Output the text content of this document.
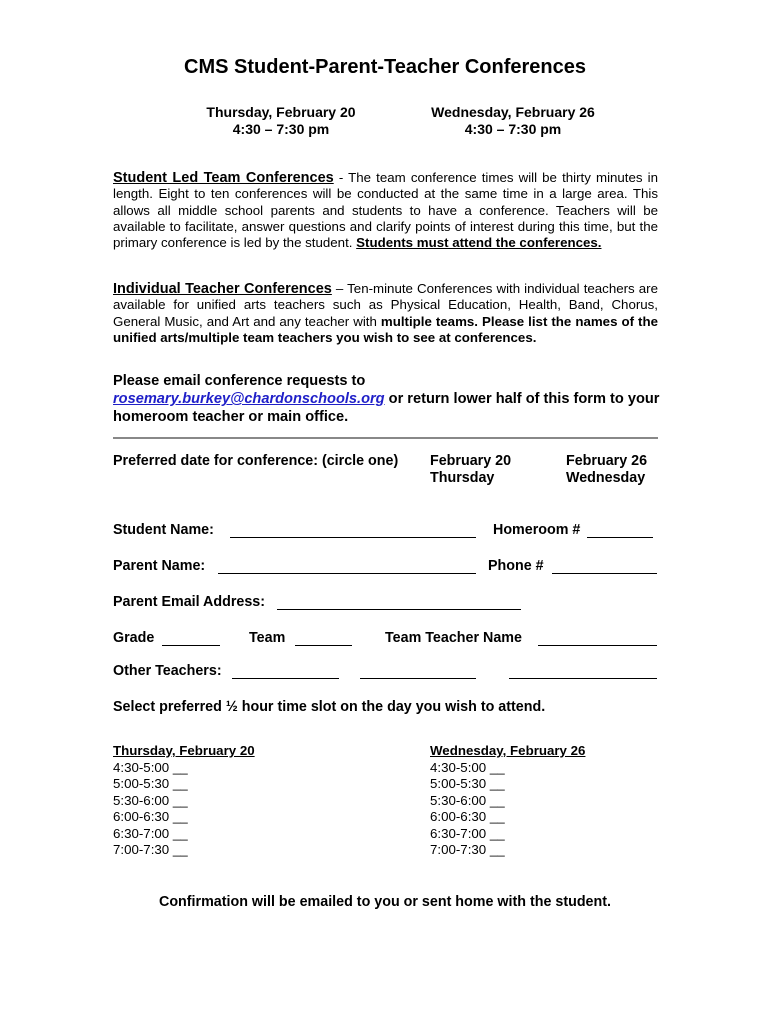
CMS Student-Parent-Teacher Conferences
Thursday, February 20
4:30 – 7:30 pm
Wednesday, February 26
4:30 – 7:30 pm
Student Led Team Conferences - The team conference times will be thirty minutes in length. Eight to ten conferences will be conducted at the same time in a large area. This allows all middle school parents and students to have a conference. Teachers will be available to facilitate, answer questions and clarify points of interest during this time, but the primary conference is led by the student. Students must attend the conferences.
Individual Teacher Conferences – Ten-minute Conferences with individual teachers are available for unified arts teachers such as Physical Education, Health, Band, Chorus, General Music, and Art and any teacher with multiple teams. Please list the names of the unified arts/multiple team teachers you wish to see at conferences.
Please email conference requests to
rosemary.burkey@chardonschools.org or return lower half of this form to your homeroom teacher or main office.
Preferred date for conference: (circle one) February 20
Thursday
February 26
Wednesday
Student Name:	Homeroom #
Parent Name:	Phone #
Parent Email Address:
Grade	Team	Team Teacher Name
Other Teachers:
Select preferred ½ hour time slot on the day you wish to attend.
Thursday, February 20
4:30-5:00 __
5:00-5:30 __
5:30-6:00 __
6:00-6:30 __
6:30-7:00 __
7:00-7:30 __
Wednesday, February 26
4:30-5:00 __
5:00-5:30 __
5:30-6:00 __
6:00-6:30 __
6:30-7:00 __
7:00-7:30 __
Confirmation will be emailed to you or sent home with the student.
